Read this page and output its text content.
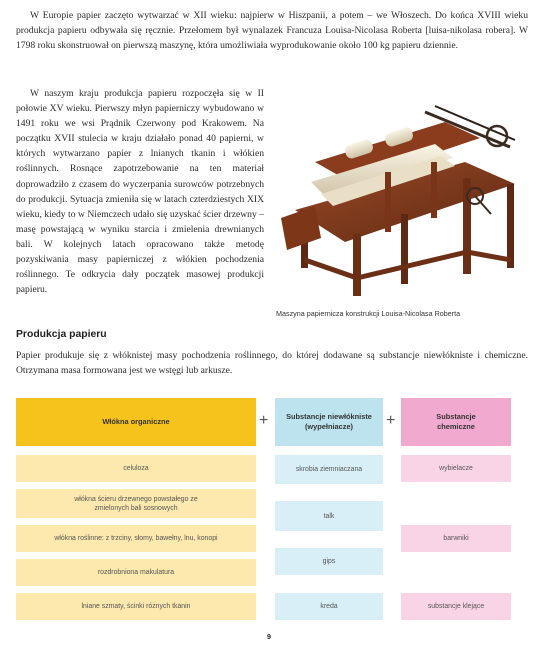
W Europie papier zaczęto wytwarzać w XII wieku: najpierw w Hiszpanii, a potem – we Włoszech. Do końca XVIII wieku produkcja papieru odbywała się ręcznie. Przełomem był wynalazek Francuza Louisa-Nicolasa Roberta [luisa-nikolasa robera]. W 1798 roku skonstruował on pierwszą maszynę, która umożliwiała wyprodukowanie około 100 kg papieru dziennie.

W naszym kraju produkcja papieru rozpoczęła się w II połowie XV wieku. Pierwszy młyn papierniczy wybudowano w 1491 roku we wsi Prądnik Czerwony pod Krakowem. Na początku XVII stulecia w kraju działało ponad 40 papierni, w których wytwarzano papier z lnianych tkanin i włókien roślinnych. Rosnące zapotrzebowanie na ten materiał doprowadziło z czasem do wyczerpania surowców potrzebnych do produkcji. Sytuacja zmieniła się w latach czterdziestych XIX wieku, kiedy to w Niemczech udało się uzyskać ścier drzewny – masę powstającą w wyniku starcia i zmielenia drewnianych bali. W kolejnych latach opracowano także metodę pozyskiwania masy papierniczej z włókien pochodzenia roślinnego. Te odkrycia dały początek masowej produkcji papieru.

Maszyna papiernicza konstrukcji Louisa-Nicolasa Roberta
Produkcja papieru

Papier produkuje się z włóknistej masy pochodzenia roślinnego, do której dodawane są substancje niewłókniste i chemiczne. Otrzymana masa formowana jest we wstęgi lub arkusze.

Włókna organiczne	+	Substancje niewłókniste (wypełniacze)	+	Substancje chemiczne
celuloza
włókna ścieru drzewnego powstałego ze zmielonych bali sosnowych
włókna roślinne: z trzciny, słomy, bawełny, lnu, konopi
rozdrobniona makulatura
lniane szmaty, ścinki różnych tkanin
skrobia ziemniaczana
talk
gips
kreda
wybielacze
barwniki
substancje klejące
9
